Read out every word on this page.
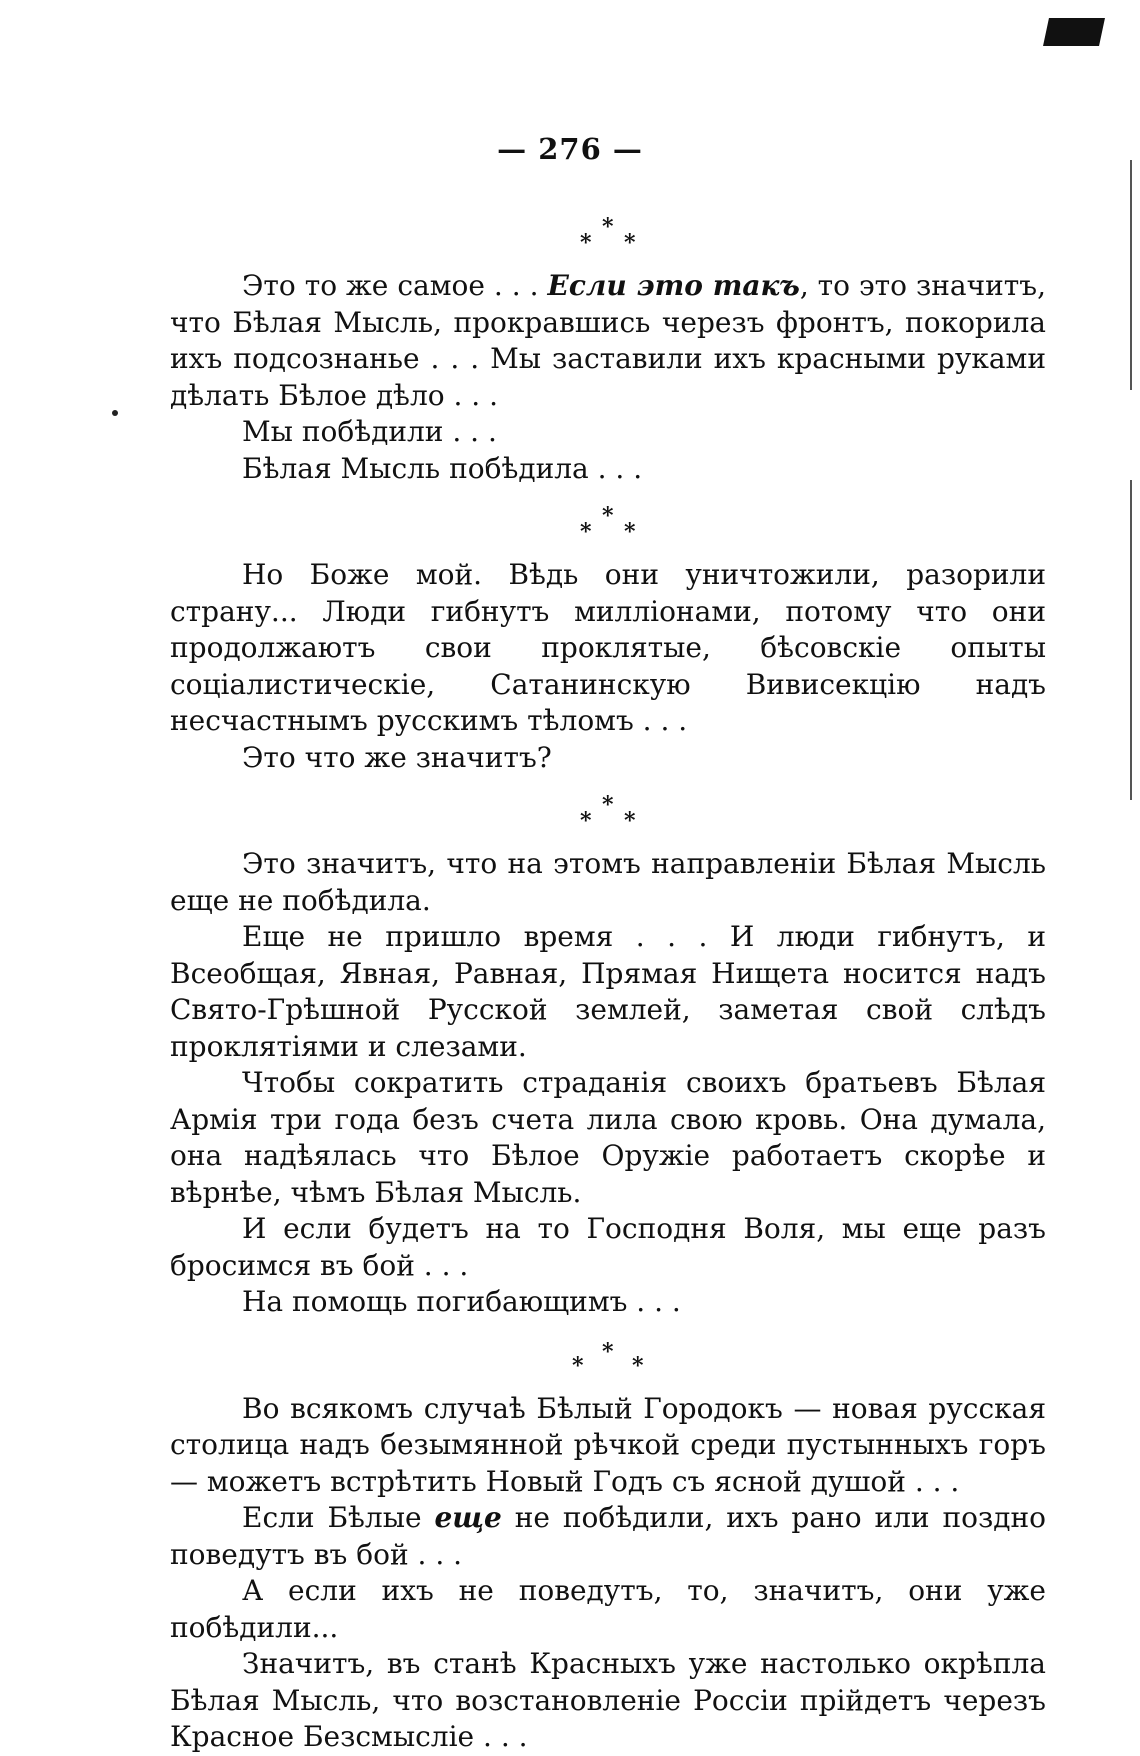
— 276 —
*
* *

Это то же самое . . . Если это такъ, то это значитъ, что Бѣлая Мысль, прокравшись черезъ фронтъ, покорила ихъ подсознанье . . . Мы заставили ихъ красными руками дѣлать Бѣлое дѣло . . .

Мы побѣдили . . .

Бѣлая Мысль побѣдила . . .

*
* *

Но Боже мой. Вѣдь они уничтожили, разорили страну... Люди гибнутъ милліонами, потому что они продолжаютъ свои проклятые, бѣсовскіе опыты соціалистическіе, Сатанинскую Вивисекцію надъ несчастнымъ русскимъ тѣломъ . . .

Это что же значитъ?

*
* *

Это значитъ, что на этомъ направленіи Бѣлая Мысль еще не побѣдила.

Еще не пришло время . . . И люди гибнутъ, и Всеобщая, Явная, Равная, Прямая Нищета носится надъ Свято-Грѣшной Русской землей, заметая свой слѣдъ проклятіями и слезами.

Чтобы сократить страданія своихъ братьевъ Бѣлая Армія три года безъ счета лила свою кровь. Она думала, она надѣялась что Бѣлое Оружіе работаетъ скорѣе и вѣрнѣе, чѣмъ Бѣлая Мысль.

И если будетъ на то Господня Воля, мы еще разъ бросимся въ бой . . .

На помощь погибающимъ . . .

*
* *

Во всякомъ случаѣ Бѣлый Городокъ — новая русская столица надъ безымянной рѣчкой среди пустынныхъ горъ — можетъ встрѣтить Новый Годъ съ ясной душой . . .

Если Бѣлые еще не побѣдили, ихъ рано или поздно поведутъ въ бой . . .

А если ихъ не поведутъ, то, значитъ, они уже побѣдили...

Значитъ, въ станѣ Красныхъ уже настолько окрѣпла Бѣлая Мысль, что возстановленіе Россіи прійдетъ черезъ Красное Безсмысліе . . .
